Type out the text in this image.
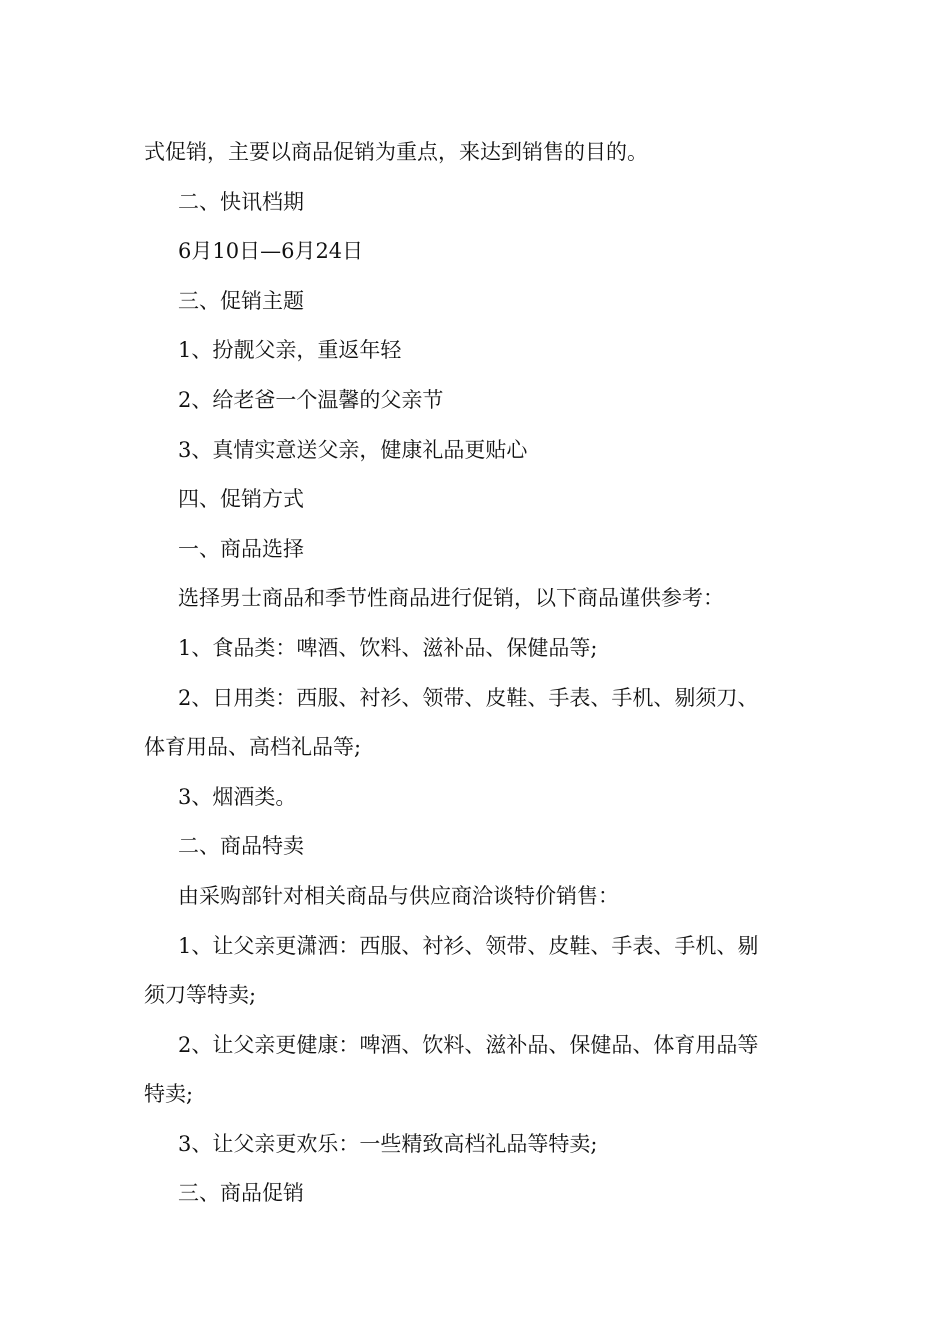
式促销，主要以商品促销为重点，来达到销售的目的。
二、快讯档期
6月10日—6月24日
三、促销主题
1、扮靓父亲，重返年轻
2、给老爸一个温馨的父亲节
3、真情实意送父亲，健康礼品更贴心
四、促销方式
一、商品选择
选择男士商品和季节性商品进行促销，以下商品谨供参考：
1、食品类：啤酒、饮料、滋补品、保健品等;
2、日用类：西服、衬衫、领带、皮鞋、手表、手机、剔须刀、
体育用品、高档礼品等;
3、烟酒类。
二、商品特卖
由采购部针对相关商品与供应商洽谈特价销售：
1、让父亲更潇洒：西服、衬衫、领带、皮鞋、手表、手机、剔
须刀等特卖;
2、让父亲更健康：啤酒、饮料、滋补品、保健品、体育用品等
特卖;
3、让父亲更欢乐：一些精致高档礼品等特卖;
三、商品促销
